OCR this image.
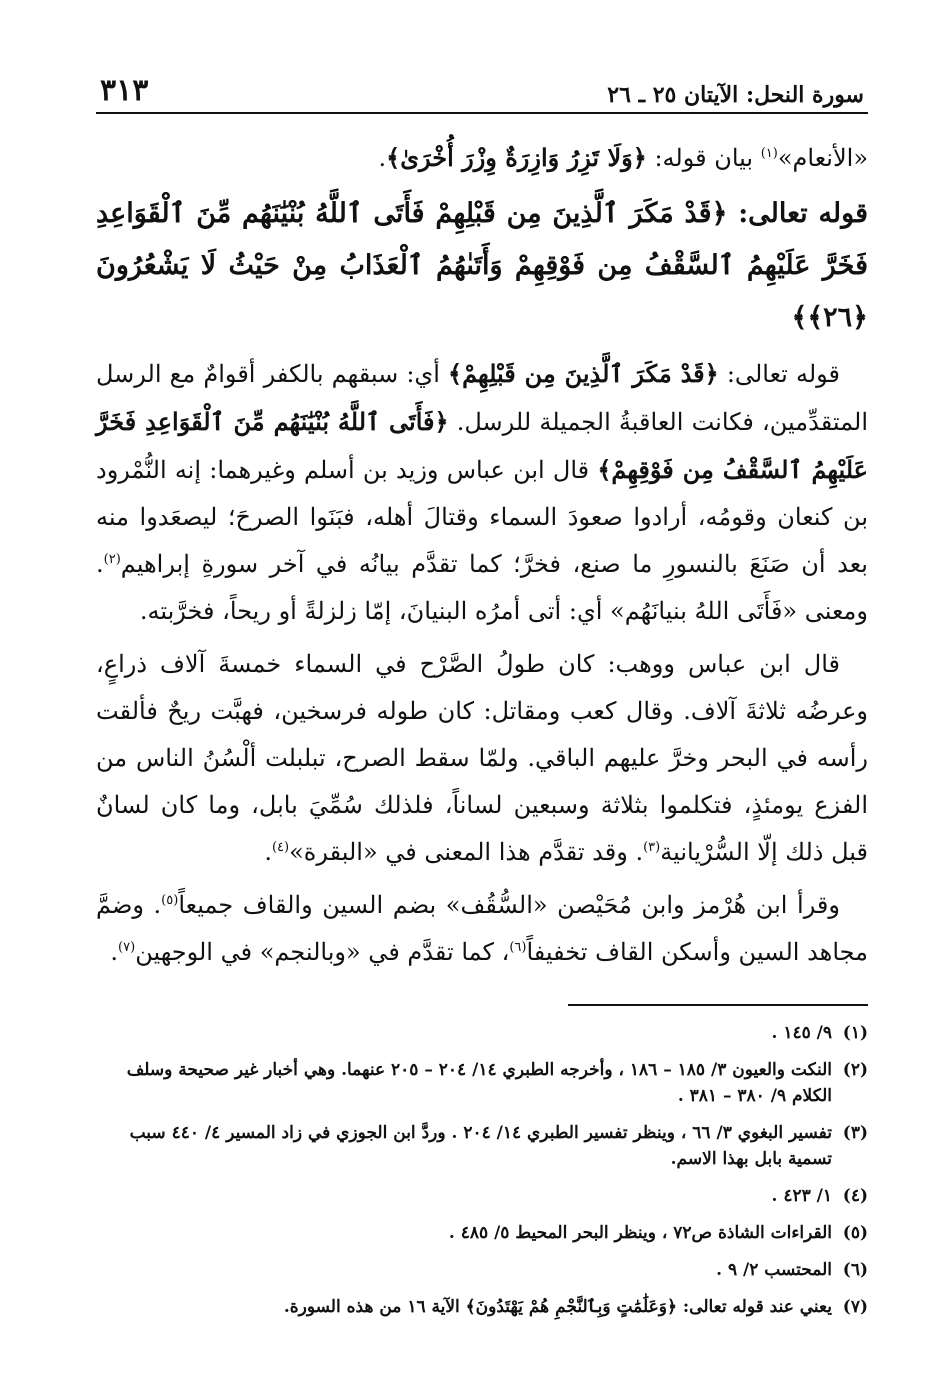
سورة النحل: الآيتان ٢٥ ـ ٢٦
٣١٣

«الأنعام»$^{(١)}$ بيان قوله: ﴿وَلَا تَزِرُ وَازِرَةٌ وِزْرَ أُخْرَىٰ﴾.

قوله تعالى: ﴿قَدْ مَكَرَ ٱلَّذِينَ مِن قَبْلِهِمْ فَأَتَى ٱللَّهُ بُنْيَٰنَهُم مِّنَ ٱلْقَوَاعِدِ فَخَرَّ عَلَيْهِمُ ٱلسَّقْفُ مِن فَوْقِهِمْ وَأَتَىٰهُمُ ٱلْعَذَابُ مِنْ حَيْثُ لَا يَشْعُرُونَ ﴿٢٦﴾﴾

قوله تعالى: ﴿قَدْ مَكَرَ ٱلَّذِينَ مِن قَبْلِهِمْ﴾ أي: سبقهم بالكفر أقوامٌ مع الرسل المتقدِّمين، فكانت العاقبةُ الجميلة للرسل. ﴿فَأَتَى ٱللَّهُ بُنْيَٰنَهُم مِّنَ ٱلْقَوَاعِدِ فَخَرَّ عَلَيْهِمُ ٱلسَّقْفُ مِن فَوْقِهِمْ﴾ قال ابن عباس وزيد بن أسلم وغيرهما: إنه النُّمْرود بن كنعان وقومُه، أرادوا صعودَ السماء وقتالَ أهله، فبَنَوا الصرحَ؛ ليصعَدوا منه بعد أن صَنَعَ بالنسورِ ما صنع، فخرَّ؛ كما تقدَّم بيانُه في آخر سورةِ إبراهيم$^{(٢)}$. ومعنى «فَأَتَى اللهُ بنيانَهُم» أي: أتى أمرُه البنيانَ، إمّا زلزلةً أو ريحاً، فخرَّبته.

قال ابن عباس ووهب: كان طولُ الصَّرْح في السماء خمسةَ آلاف ذراعٍ، وعرضُه ثلاثةَ آلاف. وقال كعب ومقاتل: كان طوله فرسخين، فهبَّت ريحٌ فألقت رأسه في البحر وخرَّ عليهم الباقي. ولمّا سقط الصرح، تبلبلت ألْسُنُ الناس من الفزع يومئذٍ، فتكلموا بثلاثة وسبعين لساناً، فلذلك سُمِّيَ بابل، وما كان لسانٌ قبل ذلك إلّا السُّرْيانية$^{(٣)}$. وقد تقدَّم هذا المعنى في «البقرة»$^{(٤)}$.

وقرأ ابن هُرْمز وابن مُحَيْصن «السُّقُف» بضم السين والقاف جميعاً$^{(٥)}$. وضمَّ مجاهد السين وأسكن القاف تخفيفاً$^{(٦)}$، كما تقدَّم في «وبالنجم» في الوجهين$^{(٧)}$.

(١)٩/ ١٤٥ .
(٢)النكت والعيون ٣/ ١٨٥ – ١٨٦ ، وأخرجه الطبري ١٤/ ٢٠٤ – ٢٠٥ عنهما. وهي أخبار غير صحيحة وسلف الكلام ٩/ ٣٨٠ – ٣٨١ .
(٣)تفسير البغوي ٣/ ٦٦ ، وينظر تفسير الطبري ١٤/ ٢٠٤ . وردَّ ابن الجوزي في زاد المسير ٤/ ٤٤٠ سبب تسمية بابل بهذا الاسم.
(٤)١/ ٤٢٣ .
(٥)القراءات الشاذة ص٧٢ ، وينظر البحر المحيط ٥/ ٤٨٥ .
(٦)المحتسب ٢/ ٩ .
(٧)يعني عند قوله تعالى: ﴿وَعَلَٰمَٰتٍ وَبِٱلنَّجْمِ هُمْ يَهْتَدُونَ﴾ الآية ١٦ من هذه السورة.
